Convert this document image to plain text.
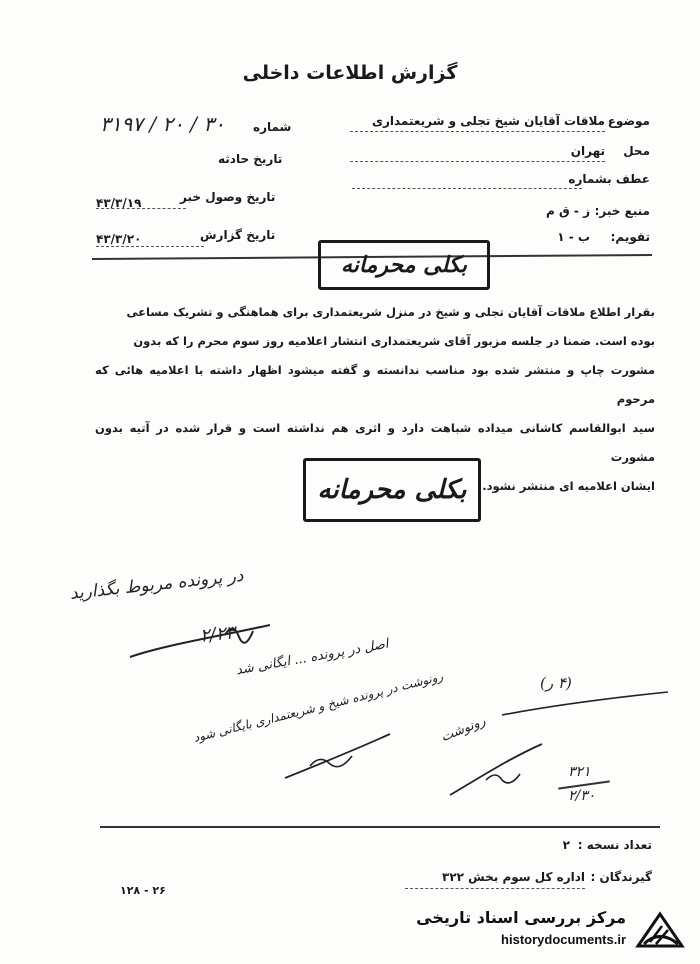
گزارش اطلاعات داخلی
موضوع
ملاقات آقایان شیخ تجلی و شریعتمداری
محل
تهران
عطف بشماره
منبع خبر:
ز - ق م
تقویم:
ب - ۱
شماره
۳۱۹۷ / ۲۰ / ۳۰
تاریخ حادثه
تاریخ وصول خبر
۴۳/۳/۱۹
تاریخ گزارش
۴۳/۳/۲۰
بکلی محرمانه

بقرار اطلاع ملاقات آقایان تجلی و شیخ در منزل شریعتمداری برای هماهنگی و تشریک مساعی

بوده است. ضمنا در جلسه مزبور آقای شریعتمداری انتشار اعلامیه روز سوم محرم را که بدون

مشورت چاپ و منتشر شده بود مناسب ندانسته و گفته میشود اظهار داشته با اعلامیه هائی که مرحوم

سید ابوالقاسم کاشانی میداده شباهت دارد و اثری هم نداشته است و قرار شده در آتیه بدون مشورت

ایشان اعلامیه ای منتشر نشود.

بکلی محرمانه
در پرونده مربوط بگذارید
۲/۲۳
اصل در پرونده ... ایگانی شد
رونوشت در پرونده شیخ و شریعتمداری بایگانی شود	(۴ ر)
رونوشت
۳۲۱
۲/۳۰
تعداد نسخه :
۲
گیرندگان :
اداره کل سوم بخش ۳۲۲
۱۲۸ - ۲۶
مرکز بررسی اسناد تاریخی
historydocuments.ir
